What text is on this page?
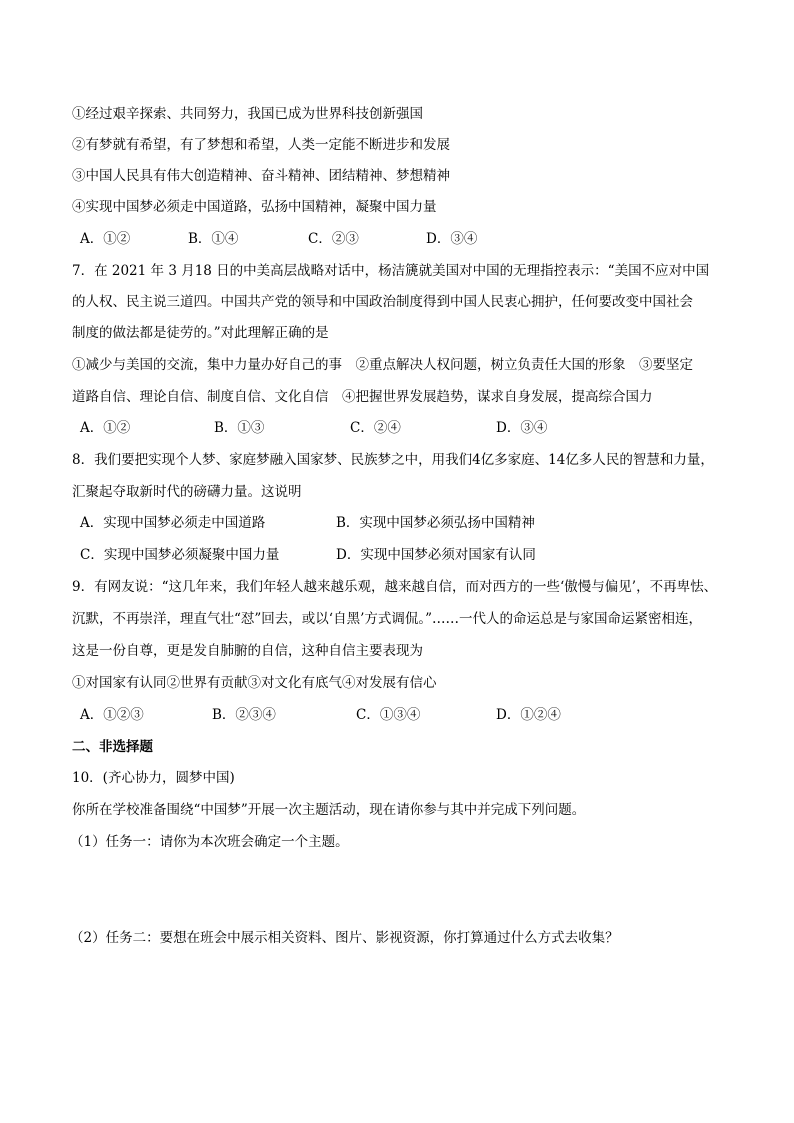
①经过艰辛探索、共同努力，我国已成为世界科技创新强国
②有梦就有希望，有了梦想和希望，人类一定能不断进步和发展
③中国人民具有伟大创造精神、奋斗精神、团结精神、梦想精神
④实现中国梦必须走中国道路，弘扬中国精神，凝聚中国力量
A．①②	B．①④	C．②③	D．③④
7．在 2021 年 3 月18 日的中美高层战略对话中，杨洁篪就美国对中国的无理指控表示：“美国不应对中国
的人权、民主说三道四。中国共产党的领导和中国政治制度得到中国人民衷心拥护，任何要改变中国社会
制度的做法都是徒劳的。”对此理解正确的是
①减少与美国的交流，集中力量办好自己的事　②重点解决人权问题，树立负责任大国的形象　③要坚定
道路自信、理论自信、制度自信、文化自信　④把握世界发展趋势，谋求自身发展，提高综合国力
A．①②	B．①③	C．②④	D．③④
8．我们要把实现个人梦、家庭梦融入国家梦、民族梦之中，用我们4亿多家庭、14亿多人民的智慧和力量，
汇聚起夺取新时代的磅礴力量。这说明
A．实现中国梦必须走中国道路	B．实现中国梦必须弘扬中国精神
C．实现中国梦必须凝聚中国力量	D．实现中国梦必须对国家有认同
9．有网友说：“这几年来，我们年轻人越来越乐观，越来越自信，而对西方的一些‘傲慢与偏见’，不再卑怯、
沉默，不再崇洋，理直气壮“怼”回去，或以‘自黑’方式调侃。”……一代人的命运总是与家国命运紧密相连，
这是一份自尊，更是发自肺腑的自信，这种自信主要表现为
①对国家有认同②世界有贡献③对文化有底气④对发展有信心
A．①②③	B．②③④	C．①③④	D．①②④
二、非选择题
10．(齐心协力，圆梦中国)
你所在学校准备围绕“中国梦”开展一次主题活动，现在请你参与其中并完成下列问题。
（1）任务一：请你为本次班会确定一个主题。
（2）任务二：要想在班会中展示相关资料、图片、影视资源，你打算通过什么方式去收集？
